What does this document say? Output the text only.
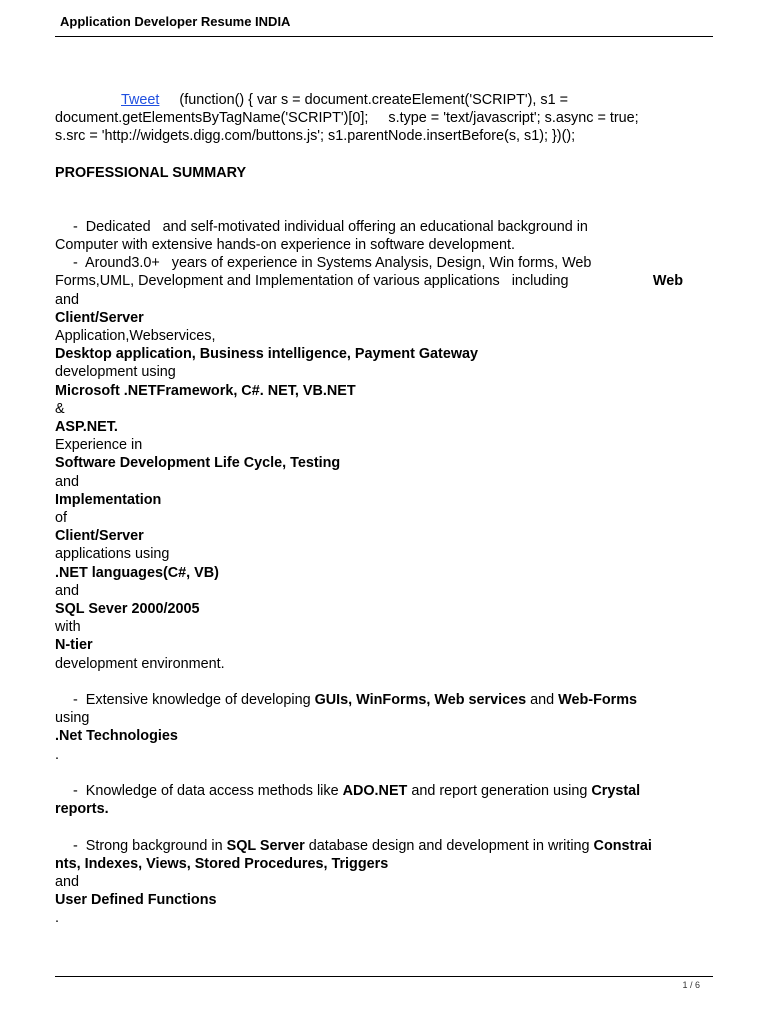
Application Developer Resume INDIA

Tweet (function() { var s = document.createElement('SCRIPT'), s1 =

document.getElementsByTagName('SCRIPT')[0];     s.type = 'text/javascript'; s.async = true;

s.src = 'http://widgets.digg.com/buttons.js'; s1.parentNode.insertBefore(s, s1); })();

PROFESSIONAL SUMMARY

-  Dedicated   and self-motivated individual offering an educational background in

Computer with extensive hands-on experience in software development.

-  Around3.0+   years of experience in Systems Analysis, Design, Win forms, Web

Forms,UML, Development and Implementation of various applications   including	Web

and

Client/Server

Application,Webservices,

Desktop application, Business intelligence, Payment Gateway

development using

Microsoft .NETFramework, C#. NET, VB.NET

&

ASP.NET.

Experience in

Software Development Life Cycle, Testing

and

Implementation

of

Client/Server

applications using

.NET languages(C#, VB)

and

SQL Sever 2000/2005

with

N-tier

development environment.

-  Extensive knowledge of developing GUIs, WinForms, Web services and Web-Forms

using

.Net Technologies

.

-  Knowledge of data access methods like ADO.NET and report generation using Crystal

reports.

-  Strong background in SQL Server database design and development in writing Constrai

nts, Indexes, Views, Stored Procedures, Triggers

and

User Defined Functions

.

1 / 6
